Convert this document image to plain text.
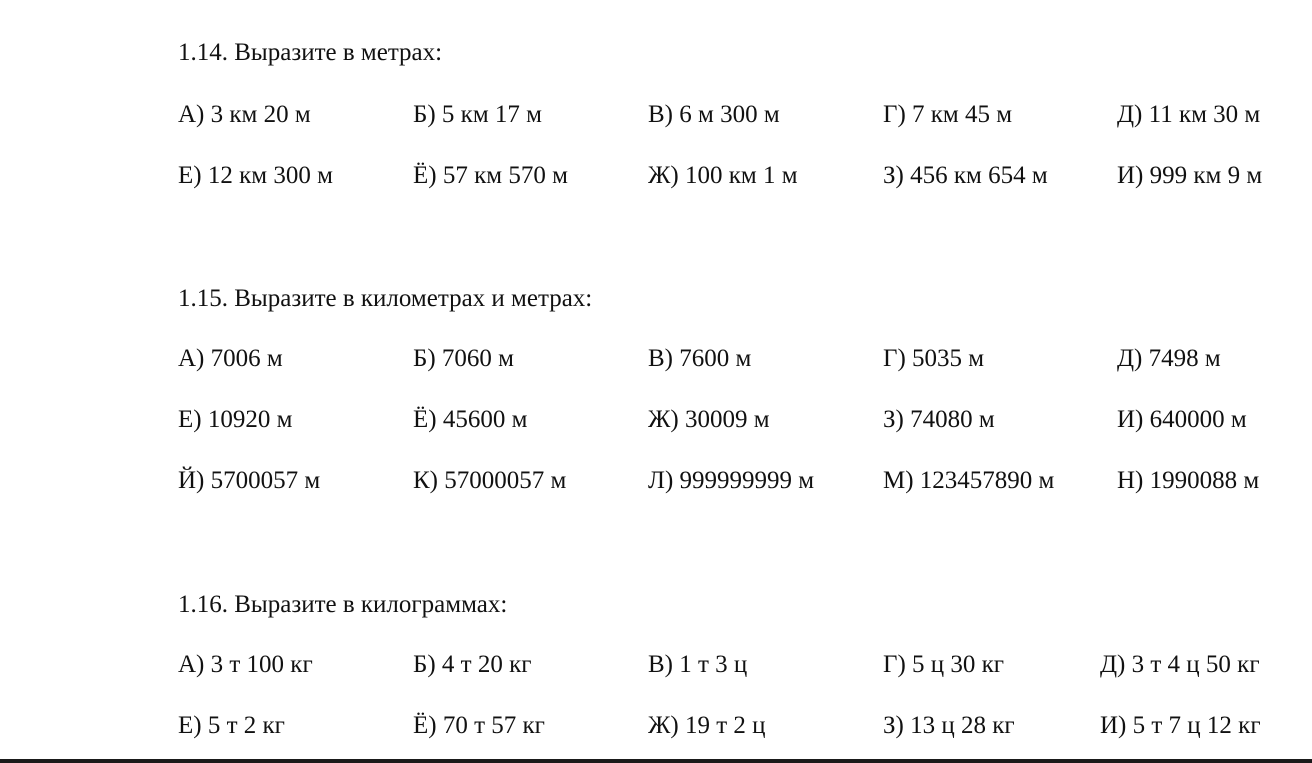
1.14. Выразите в метрах:
А) 3 км 20 м	Б) 5 км 17 м	В) 6 м 300 м	Г) 7 км 45 м	Д) 11 км 30 м
Е) 12 км 300 м	Ё) 57 км 570 м	Ж) 100 км 1 м	З) 456 км 654 м	И) 999 км 9 м
1.15. Выразите в километрах и метрах:
А) 7006 м	Б) 7060 м	В) 7600 м	Г) 5035 м	Д) 7498 м
Е) 10920 м	Ё) 45600 м	Ж) 30009 м	З) 74080 м	И) 640000 м
Й) 5700057 м	К) 57000057 м	Л) 999999999 м	М) 123457890 м	Н) 1990088 м
1.16. Выразите в килограммах:
А) 3 т 100 кг	Б) 4 т 20 кг	В) 1 т 3 ц	Г) 5 ц 30 кг	Д) 3 т 4 ц 50 кг
Е) 5 т 2 кг	Ё) 70 т 57 кг	Ж) 19 т 2 ц	З) 13 ц 28 кг	И) 5 т 7 ц 12 кг
